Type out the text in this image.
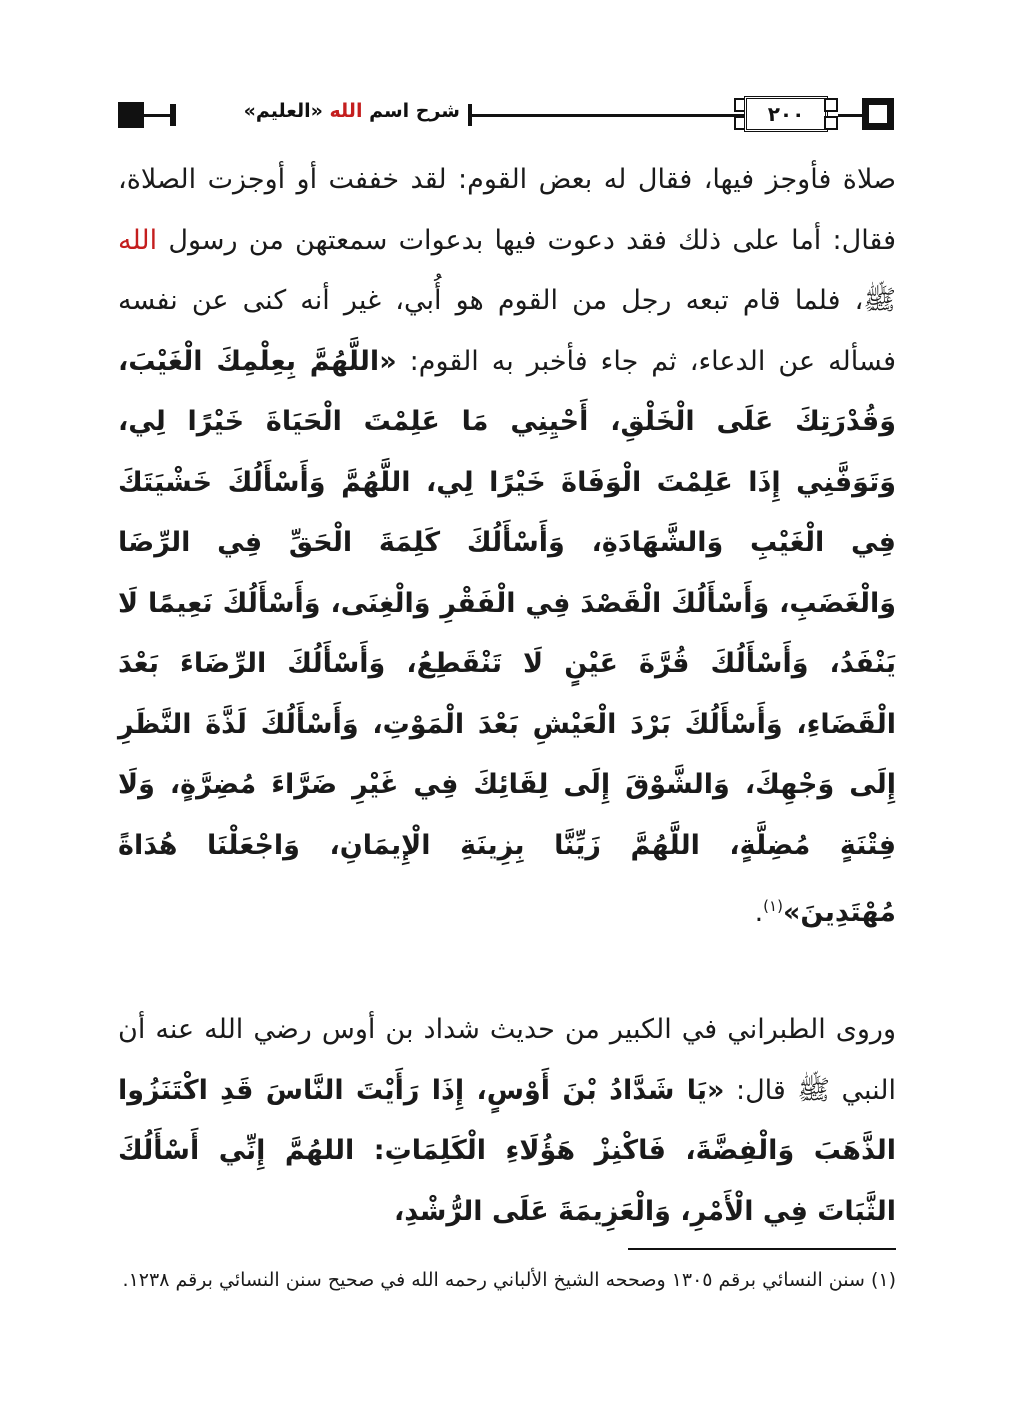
شرح اسم الله «العليم»	٢٠٠
صلاة فأوجز فيها، فقال له بعض القوم: لقد خففت أو أوجزت الصلاة، فقال: أما على ذلك فقد دعوت فيها بدعوات سمعتهن من رسول الله ﷺ، فلما قام تبعه رجل من القوم هو أُبي، غير أنه كنى عن نفسه فسأله عن الدعاء، ثم جاء فأخبر به القوم: «اللَّهُمَّ بِعِلْمِكَ الْغَيْبَ، وَقُدْرَتِكَ عَلَى الْخَلْقِ، أَحْيِنِي مَا عَلِمْتَ الْحَيَاةَ خَيْرًا لِي، وَتَوَفَّنِي إِذَا عَلِمْتَ الْوَفَاةَ خَيْرًا لِي، اللَّهُمَّ وَأَسْأَلُكَ خَشْيَتَكَ فِي الْغَيْبِ وَالشَّهَادَةِ، وَأَسْأَلُكَ كَلِمَةَ الْحَقِّ فِي الرِّضَا وَالْغَضَبِ، وَأَسْأَلُكَ الْقَصْدَ فِي الْفَقْرِ وَالْغِنَى، وَأَسْأَلُكَ نَعِيمًا لَا يَنْفَدُ، وَأَسْأَلُكَ قُرَّةَ عَيْنٍ لَا تَنْقَطِعُ، وَأَسْأَلُكَ الرِّضَاءَ بَعْدَ الْقَضَاءِ، وَأَسْأَلُكَ بَرْدَ الْعَيْشِ بَعْدَ الْمَوْتِ، وَأَسْأَلُكَ لَذَّةَ النَّظَرِ إِلَى وَجْهِكَ، وَالشَّوْقَ إِلَى لِقَائِكَ فِي غَيْرِ ضَرَّاءَ مُضِرَّةٍ، وَلَا فِتْنَةٍ مُضِلَّةٍ، اللَّهُمَّ زَيِّنَّا بِزِينَةِ الْإِيمَانِ، وَاجْعَلْنَا هُدَاةً مُهْتَدِينَ»$^{(١)}$.
وروى الطبراني في الكبير من حديث شداد بن أوس رضي الله عنه أن النبي ﷺ قال: «يَا شَدَّادُ بْنَ أَوْسٍ، إِذَا رَأَيْتَ النَّاسَ قَدِ اكْتَنَزُوا الذَّهَبَ وَالْفِضَّةَ، فَاكْنِزْ هَؤُلَاءِ الْكَلِمَاتِ: اللهُمَّ إِنِّي أَسْأَلُكَ الثَّبَاتَ فِي الْأَمْرِ، وَالْعَزِيمَةَ عَلَى الرُّشْدِ،
(١) سنن النسائي برقم ١٣٠٥ وصححه الشيخ الألباني رحمه الله في صحيح سنن النسائي برقم ١٢٣٨.
